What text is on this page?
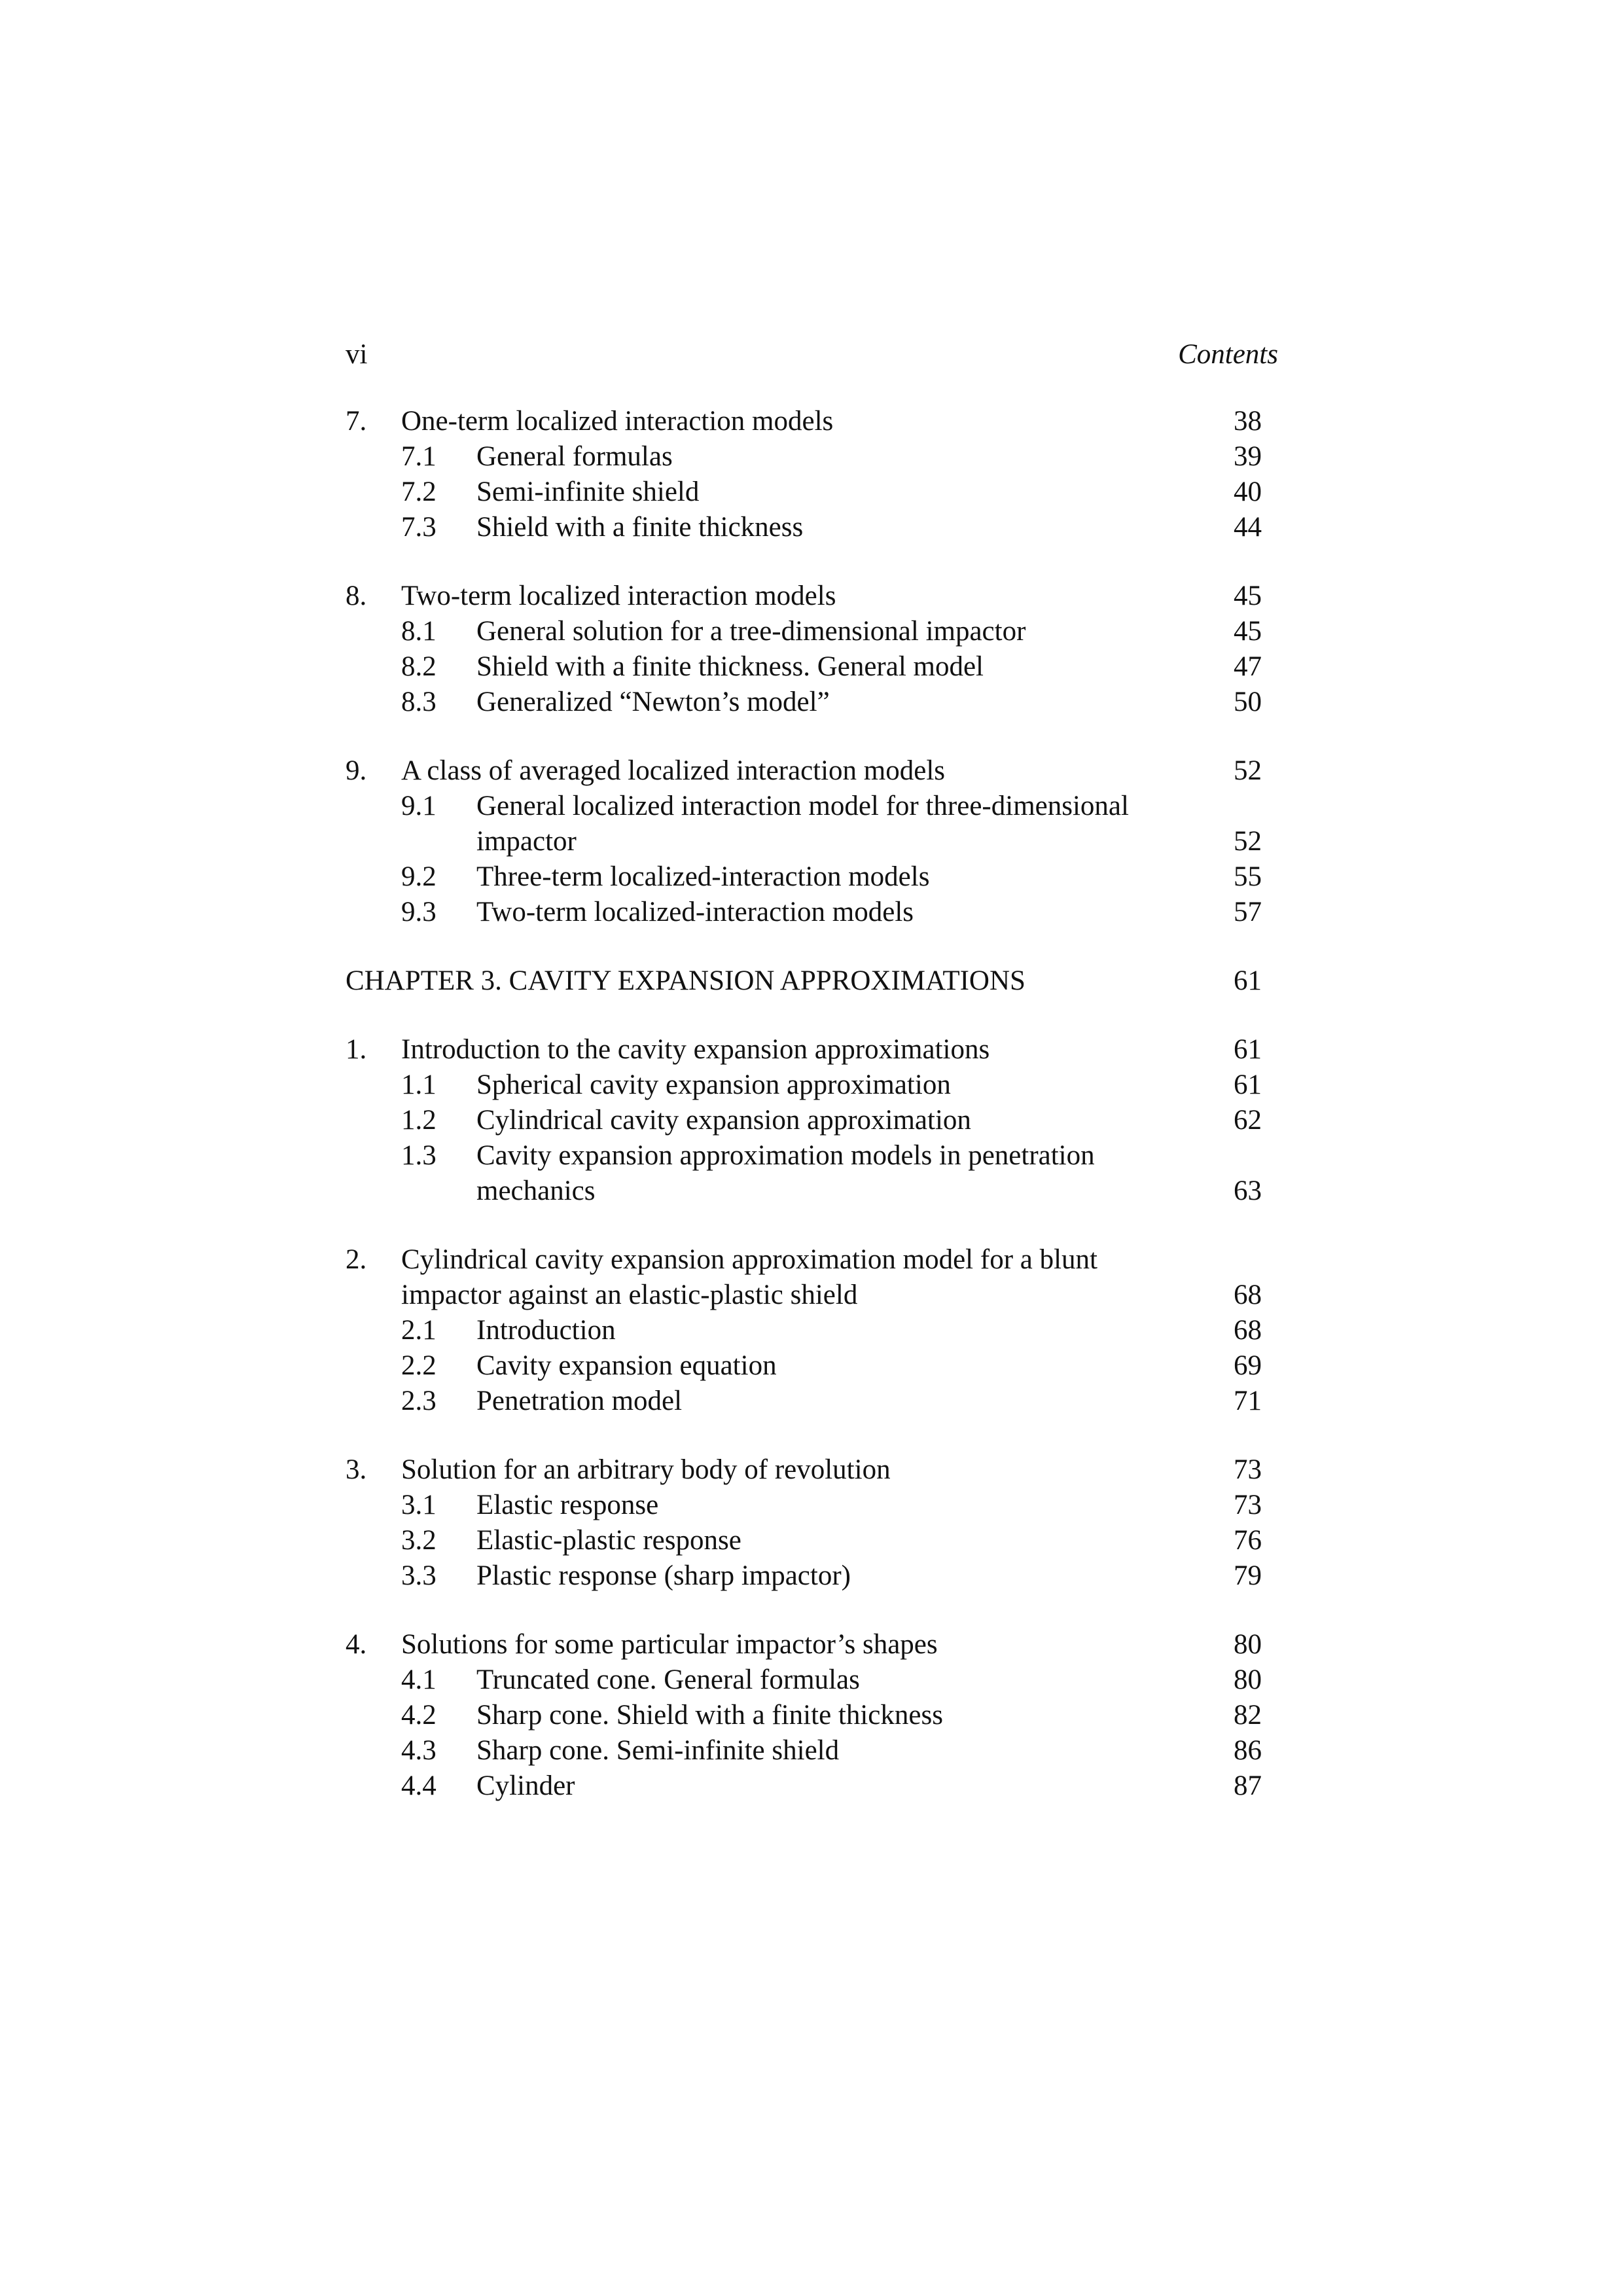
vi	Contents
7. One-term localized interaction models	38
7.1 General formulas	39
7.2 Semi-infinite shield	40
7.3 Shield with a finite thickness	44
8. Two-term localized interaction models	45
8.1 General solution for a tree-dimensional impactor	45
8.2 Shield with a finite thickness. General model	47
8.3 Generalized “Newton’s model”	50
9. A class of averaged localized interaction models	52
9.1 General localized interaction model for three-dimensional
impactor	52
9.2 Three-term localized-interaction models	55
9.3 Two-term localized-interaction models	57
CHAPTER 3. CAVITY EXPANSION APPROXIMATIONS	61
1. Introduction to the cavity expansion approximations	61
1.1 Spherical cavity expansion approximation	61
1.2 Cylindrical cavity expansion approximation	62
1.3 Cavity expansion approximation models in penetration
mechanics	63
2. Cylindrical cavity expansion approximation model for a blunt
impactor against an elastic-plastic shield	68
2.1 Introduction	68
2.2 Cavity expansion equation	69
2.3 Penetration model	71
3. Solution for an arbitrary body of revolution	73
3.1 Elastic response	73
3.2 Elastic-plastic response	76
3.3 Plastic response (sharp impactor)	79
4. Solutions for some particular impactor’s shapes	80
4.1 Truncated cone. General formulas	80
4.2 Sharp cone. Shield with a finite thickness	82
4.3 Sharp cone. Semi-infinite shield	86
4.4 Cylinder	87
